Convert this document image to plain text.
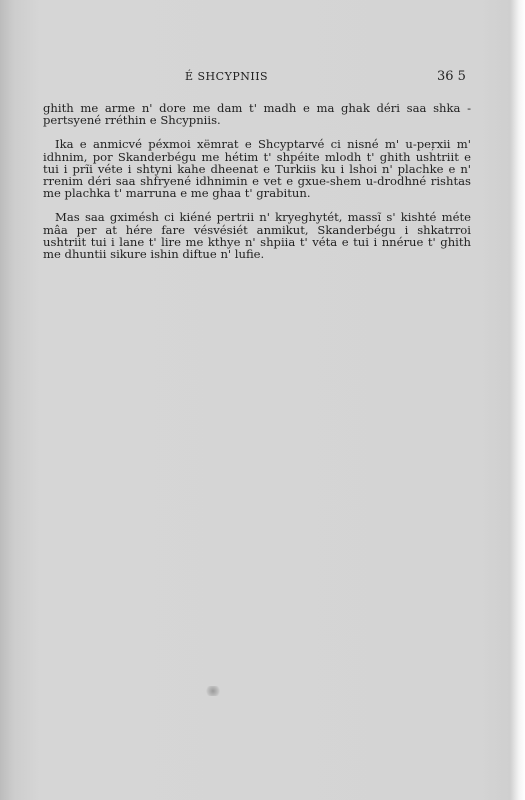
É SHCYPNIIS	36 5

ghith me arme n' dore me dam t' madh e ma ghak déri saa shka - pertsyené rréthin e Shcypniis.

Ika e anmicvé péxmoi xëmrat e Shcyptarvé ci nisné m' u-peŗxii m' idhnim, por Skanderbégu me hétim t' shpéite mlodh t' ghith ushtriit e tui i prĩi véte i shtyni kahe dheenat e Turkiis ku i lshoi n' plachke e n' rrenim déri saa shfryené idhnimin e vet e gxue-shem u-drodhné rishtas me plachka t' marruna e me ghaa t' grabitun.

Mas saa gximésh ci kiéné pertrii n' kryeghytét, massĩ s' kishté méte mâa per at hére fare vésvésiét anmikut, Skanderbégu i shkatrroi ushtriit tui i lane t' lire me kthye n' shpiia t' véta e tui i nnérue t' ghith me dhuntii sikure ishin diftue n' lufie.
